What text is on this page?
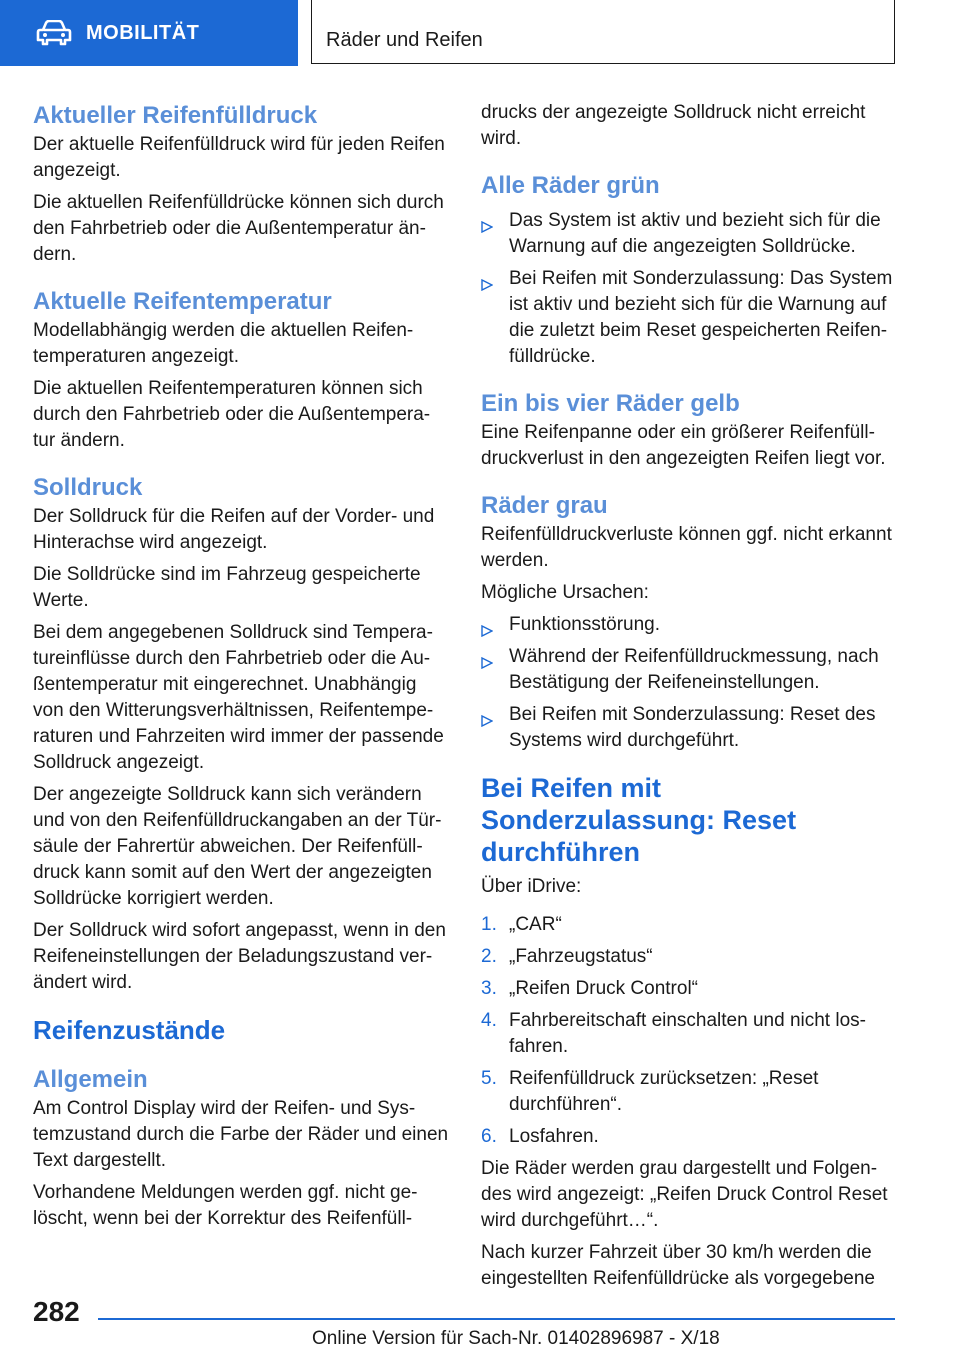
MOBILITÄT	Räder und Reifen
Aktueller Reifenfülldruck

Der aktuelle Reifenfülldruck wird für jeden Reifen angezeigt.

Die aktuellen Reifenfülldrücke können sich durch den Fahrbetrieb oder die Außentemperatur än-dern.

Aktuelle Reifentemperatur

Modellabhängig werden die aktuellen Reifen-temperaturen angezeigt.

Die aktuellen Reifentemperaturen können sich durch den Fahrbetrieb oder die Außentempera-tur ändern.

Solldruck

Der Solldruck für die Reifen auf der Vorder- und Hinterachse wird angezeigt.

Die Solldrücke sind im Fahrzeug gespeicherte Werte.

Bei dem angegebenen Solldruck sind Tempera-tureinflüsse durch den Fahrbetrieb oder die Au-ßentemperatur mit eingerechnet. Unabhängig von den Witterungsverhältnissen, Reifentempe-raturen und Fahrzeiten wird immer der passende Solldruck angezeigt.

Der angezeigte Solldruck kann sich verändern und von den Reifenfülldruckangaben an der Tür-säule der Fahrertür abweichen. Der Reifenfüll-druck kann somit auf den Wert der angezeigten Solldrücke korrigiert werden.

Der Solldruck wird sofort angepasst, wenn in den Reifeneinstellungen der Beladungszustand ver-ändert wird.

Reifenzustände
Allgemein

Am Control Display wird der Reifen- und Sys-temzustand durch die Farbe der Räder und einen Text dargestellt.

Vorhandene Meldungen werden ggf. nicht ge-löscht, wenn bei der Korrektur des Reifenfüll-

drucks der angezeigte Solldruck nicht erreicht wird.

Alle Räder grün
Das System ist aktiv und bezieht sich für die Warnung auf die angezeigten Solldrücke.
Bei Reifen mit Sonderzulassung: Das System ist aktiv und bezieht sich für die Warnung auf die zuletzt beim Reset gespeicherten Reifen-fülldrücke.
Ein bis vier Räder gelb

Eine Reifenpanne oder ein größerer Reifenfüll-druckverlust in den angezeigten Reifen liegt vor.

Räder grau

Reifenfülldruckverluste können ggf. nicht erkannt werden.

Mögliche Ursachen:

Funktionsstörung.
Während der Reifenfülldruckmessung, nach Bestätigung der Reifeneinstellungen.
Bei Reifen mit Sonderzulassung: Reset des Systems wird durchgeführt.
Bei Reifen mit Sonderzulassung: Reset durchführen

Über iDrive:

1. „CAR“
2. „Fahrzeugstatus“
3. „Reifen Druck Control“
4. Fahrbereitschaft einschalten und nicht los-fahren.
5. Reifenfülldruck zurücksetzen: „Reset durchführen“.
6. Losfahren.

Die Räder werden grau dargestellt und Folgen-des wird angezeigt: „Reifen Druck Control Reset wird durchgeführt…“.

Nach kurzer Fahrzeit über 30 km/h werden die eingestellten Reifenfülldrücke als vorgegebene

282
Online Version für Sach-Nr. 01402896987 - X/18
